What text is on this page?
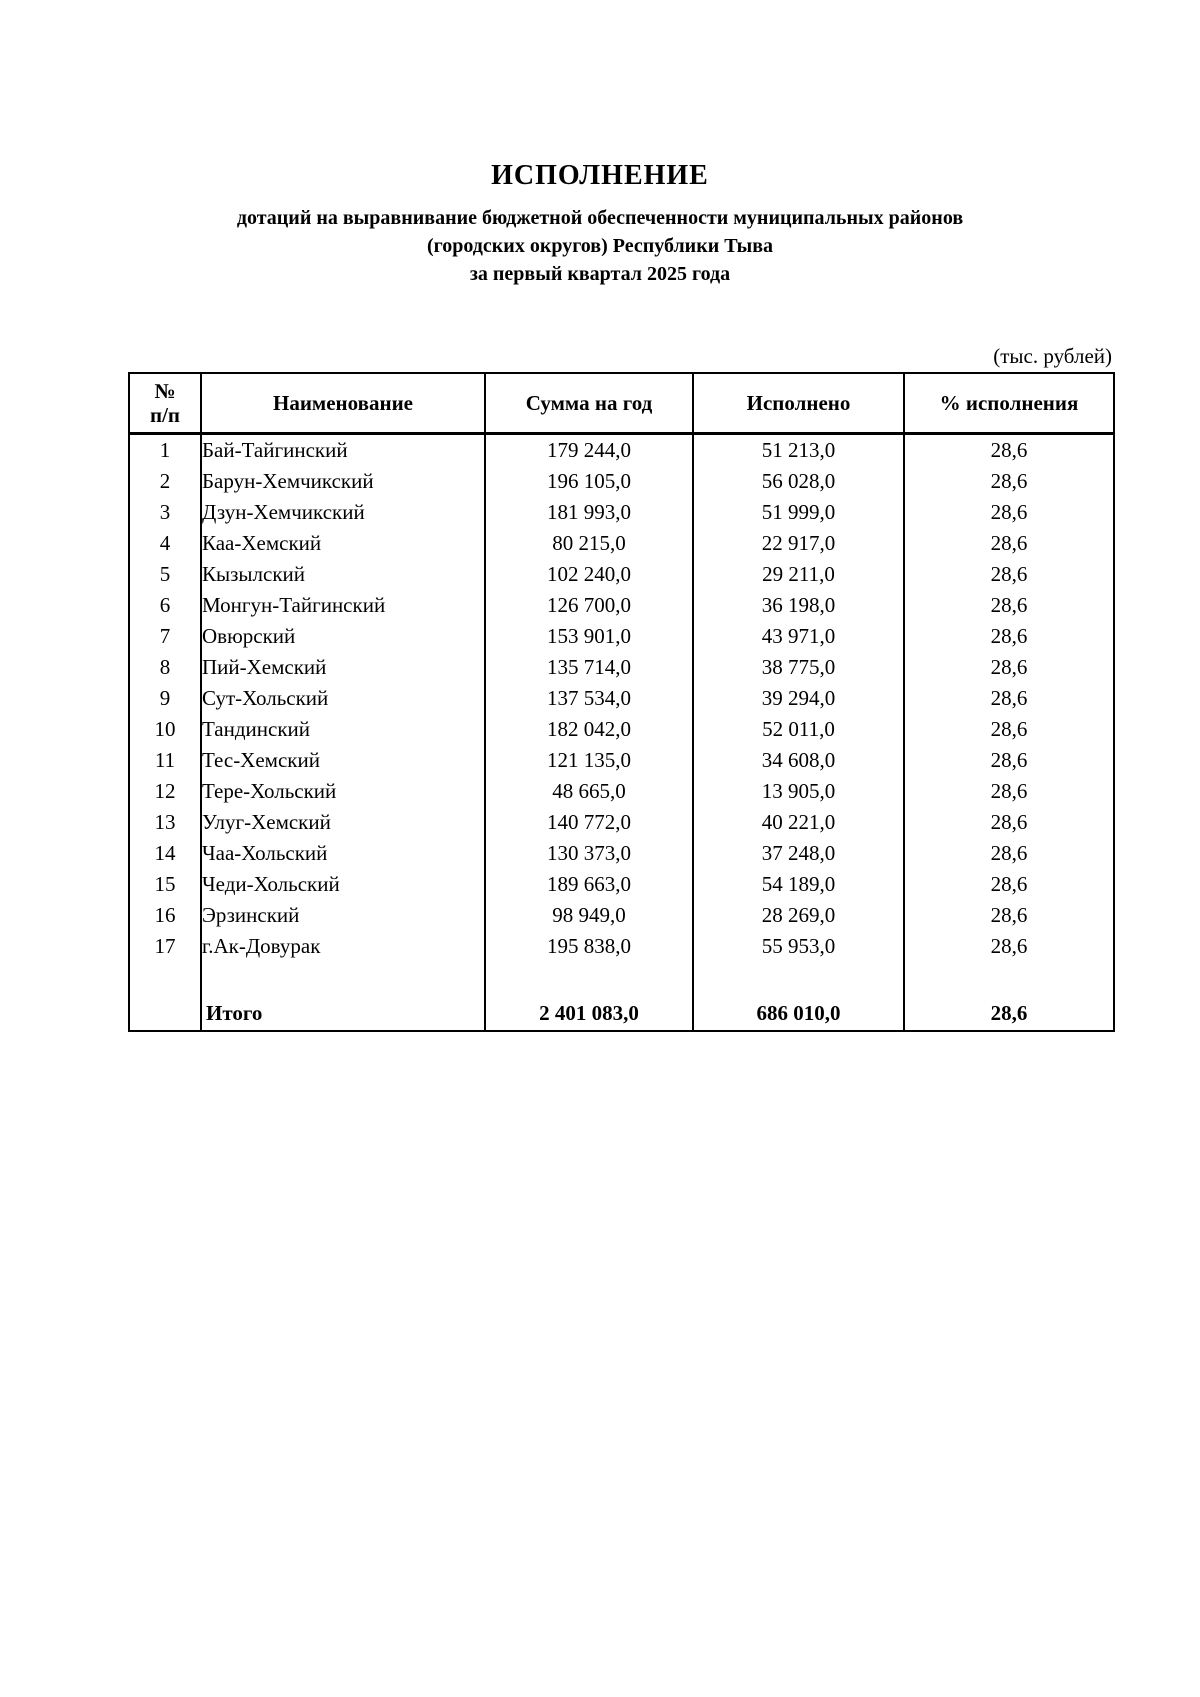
ИСПОЛНЕНИЕ
дотаций на выравнивание бюджетной обеспеченности муниципальных районов
(городских округов) Республики Тыва
за первый квартал 2025 года
(тыс. рублей)
№
п/п	Наименование	Сумма на год	Исполнено	% исполнения
1	Бай-Тайгинский	179 244,0	51 213,0	28,6
2	Барун-Хемчикский	196 105,0	56 028,0	28,6
3	Дзун-Хемчикский	181 993,0	51 999,0	28,6
4	Каа-Хемский	80 215,0	22 917,0	28,6
5	Кызылский	102 240,0	29 211,0	28,6
6	Монгун-Тайгинский	126 700,0	36 198,0	28,6
7	Овюрский	153 901,0	43 971,0	28,6
8	Пий-Хемский	135 714,0	38 775,0	28,6
9	Сут-Хольский	137 534,0	39 294,0	28,6
10	Тандинский	182 042,0	52 011,0	28,6
11	Тес-Хемский	121 135,0	34 608,0	28,6
12	Тере-Хольский	48 665,0	13 905,0	28,6
13	Улуг-Хемский	140 772,0	40 221,0	28,6
14	Чаа-Хольский	130 373,0	37 248,0	28,6
15	Чеди-Хольский	189 663,0	54 189,0	28,6
16	Эрзинский	98 949,0	28 269,0	28,6
17	г.Ак-Довурак	195 838,0	55 953,0	28,6

	Итого	2 401 083,0	686 010,0	28,6
